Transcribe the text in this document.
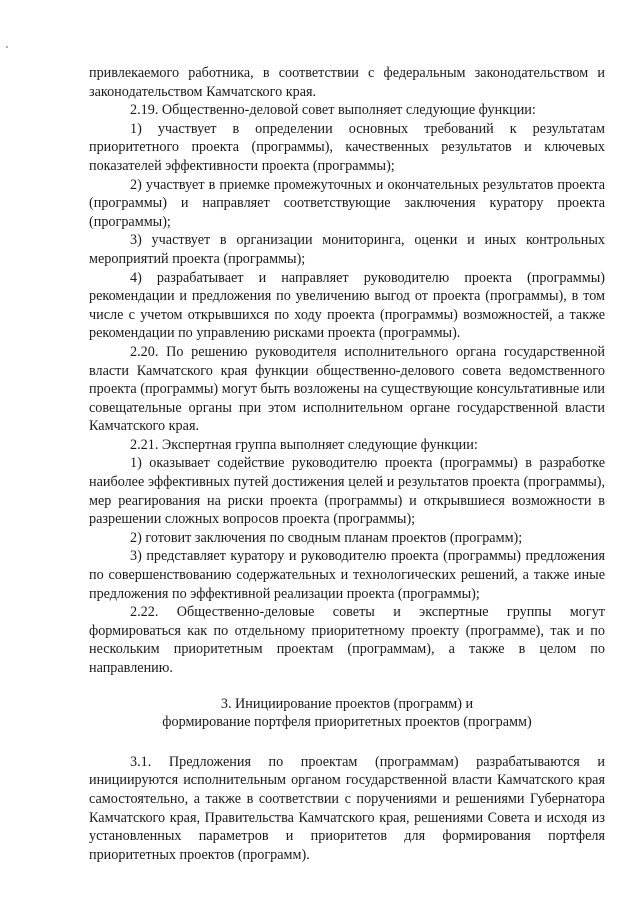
привлекаемого работника, в соответствии с федеральным законодательством и законодательством Камчатского края.

2.19. Общественно-деловой совет выполняет следующие функции:

1) участвует в определении основных требований к результатам приоритетного проекта (программы), качественных результатов и ключевых показателей эффективности проекта (программы);

2) участвует в приемке промежуточных и окончательных результатов проекта (программы) и направляет соответствующие заключения куратору проекта (программы);

3) участвует в организации мониторинга, оценки и иных контрольных мероприятий проекта (программы);

4) разрабатывает и направляет руководителю проекта (программы) рекомендации и предложения по увеличению выгод от проекта (программы), в том числе с учетом открывшихся по ходу проекта (программы) возможностей, а также рекомендации по управлению рисками проекта (программы).

2.20. По решению руководителя исполнительного органа государственной власти Камчатского края функции общественно-делового совета ведомственного проекта (программы) могут быть возложены на существующие консультативные или совещательные органы при этом исполнительном органе государственной власти Камчатского края.

2.21. Экспертная группа выполняет следующие функции:

1) оказывает содействие руководителю проекта (программы) в разработке наиболее эффективных путей достижения целей и результатов проекта (программы), мер реагирования на риски проекта (программы) и открывшиеся возможности в разрешении сложных вопросов проекта (программы);

2) готовит заключения по сводным планам проектов (программ);

3) представляет куратору и руководителю проекта (программы) предложения по совершенствованию содержательных и технологических решений, а также иные предложения по эффективной реализации проекта (программы);

2.22. Общественно-деловые советы и экспертные группы могут формироваться как по отдельному приоритетному проекту (программе), так и по нескольким приоритетным проектам (программам), а также в целом по направлению.

3. Инициирование проектов (программ) и

формирование портфеля приоритетных проектов (программ)

3.1. Предложения по проектам (программам) разрабатываются и инициируются исполнительным органом государственной власти Камчатского края самостоятельно, а также в соответствии с поручениями и решениями Губернатора Камчатского края, Правительства Камчатского края, решениями Совета и исходя из установленных параметров и приоритетов для формирования портфеля приоритетных проектов (программ).
